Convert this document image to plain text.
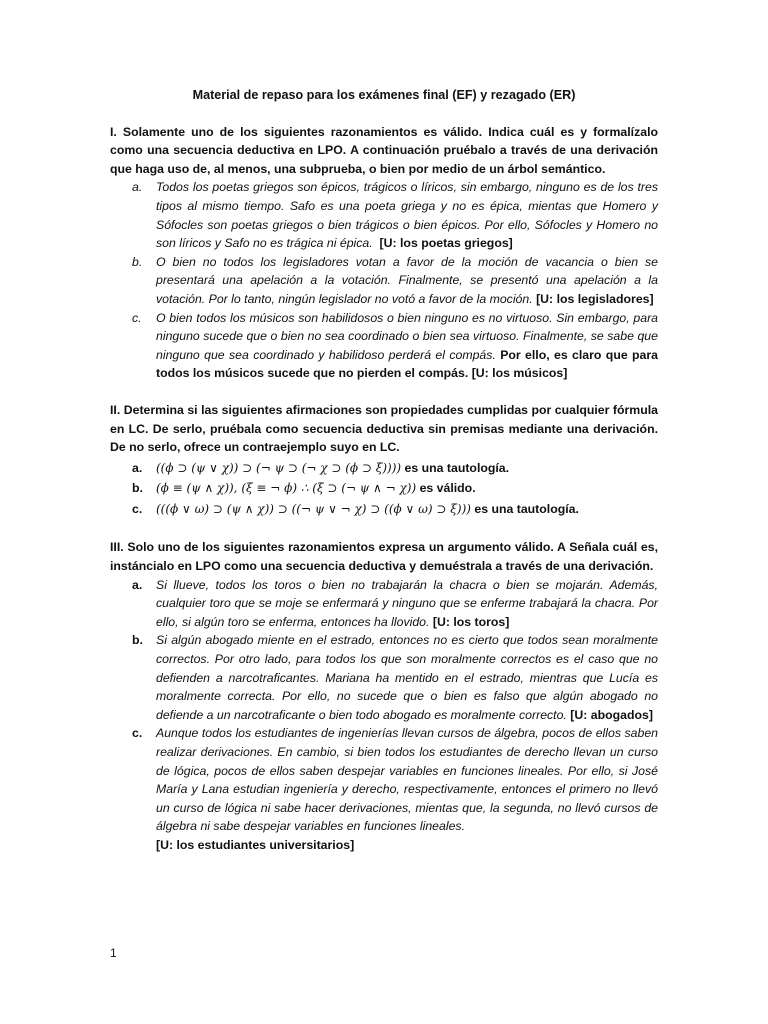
Material de repaso para los exámenes final (EF) y rezagado (ER)

I. Solamente uno de los siguientes razonamientos es válido. Indica cuál es y formalízalo como una secuencia deductiva en LPO. A continuación pruébalo a través de una derivación que haga uso de, al menos, una subprueba, o bien por medio de un árbol semántico.

a. Todos los poetas griegos son épicos, trágicos o líricos, sin embargo, ninguno es de los tres tipos al mismo tiempo. Safo es una poeta griega y no es épica, mientas que Homero y Sófocles son poetas griegos o bien trágicos o bien épicos. Por ello, Sófocles y Homero no son líricos y Safo no es trágica ni épica. [U: los poetas griegos]
b. O bien no todos los legisladores votan a favor de la moción de vacancia o bien se presentará una apelación a la votación. Finalmente, se presentó una apelación a la votación. Por lo tanto, ningún legislador no votó a favor de la moción. [U: los legisladores]
c. O bien todos los músicos son habilidosos o bien ninguno es no virtuoso. Sin embargo, para ninguno sucede que o bien no sea coordinado o bien sea virtuoso. Finalmente, se sabe que ninguno que sea coordinado y habilidoso perderá el compás. Por ello, es claro que para todos los músicos sucede que no pierden el compás. [U: los músicos]

II. Determina si las siguientes afirmaciones son propiedades cumplidas por cualquier fórmula en LC. De serlo, pruébala como secuencia deductiva sin premisas mediante una derivación. De no serlo, ofrece un contraejemplo suyo en LC.

a. ((ϕ ⊃ (ψ ∨ χ)) ⊃ (¬ ψ ⊃ (¬ χ ⊃ (ϕ ⊃ ξ)))) es una tautología.
b. (ϕ ≡ (ψ ∧ χ)), (ξ ≡ ¬ ϕ) ∴ (ξ ⊃ (¬ ψ ∧ ¬ χ)) es válido.
c. (((ϕ ∨ ω) ⊃ (ψ ∧ χ)) ⊃ ((¬ ψ ∨ ¬ χ) ⊃ ((ϕ ∨ ω) ⊃ ξ))) es una tautología.

III. Solo uno de los siguientes razonamientos expresa un argumento válido. A Señala cuál es, instáncialo en LPO como una secuencia deductiva y demuéstrala a través de una derivación.

a. Si llueve, todos los toros o bien no trabajarán la chacra o bien se mojarán. Además, cualquier toro que se moje se enfermará y ninguno que se enferme trabajará la chacra. Por ello, si algún toro se enferma, entonces ha llovido. [U: los toros]
b. Si algún abogado miente en el estrado, entonces no es cierto que todos sean moralmente correctos. Por otro lado, para todos los que son moralmente correctos es el caso que no defienden a narcotraficantes. Mariana ha mentido en el estrado, mientras que Lucía es moralmente correcta. Por ello, no sucede que o bien es falso que algún abogado no defiende a un narcotraficante o bien todo abogado es moralmente correcto. [U: abogados]
c. Aunque todos los estudiantes de ingenierías llevan cursos de álgebra, pocos de ellos saben realizar derivaciones. En cambio, si bien todos los estudiantes de derecho llevan un curso de lógica, pocos de ellos saben despejar variables en funciones lineales. Por ello, si José María y Lana estudian ingeniería y derecho, respectivamente, entonces el primero no llevó un curso de lógica ni sabe hacer derivaciones, mientas que, la segunda, no llevó cursos de álgebra ni sabe despejar variables en funciones lineales.
[U: los estudiantes universitarios]
1
